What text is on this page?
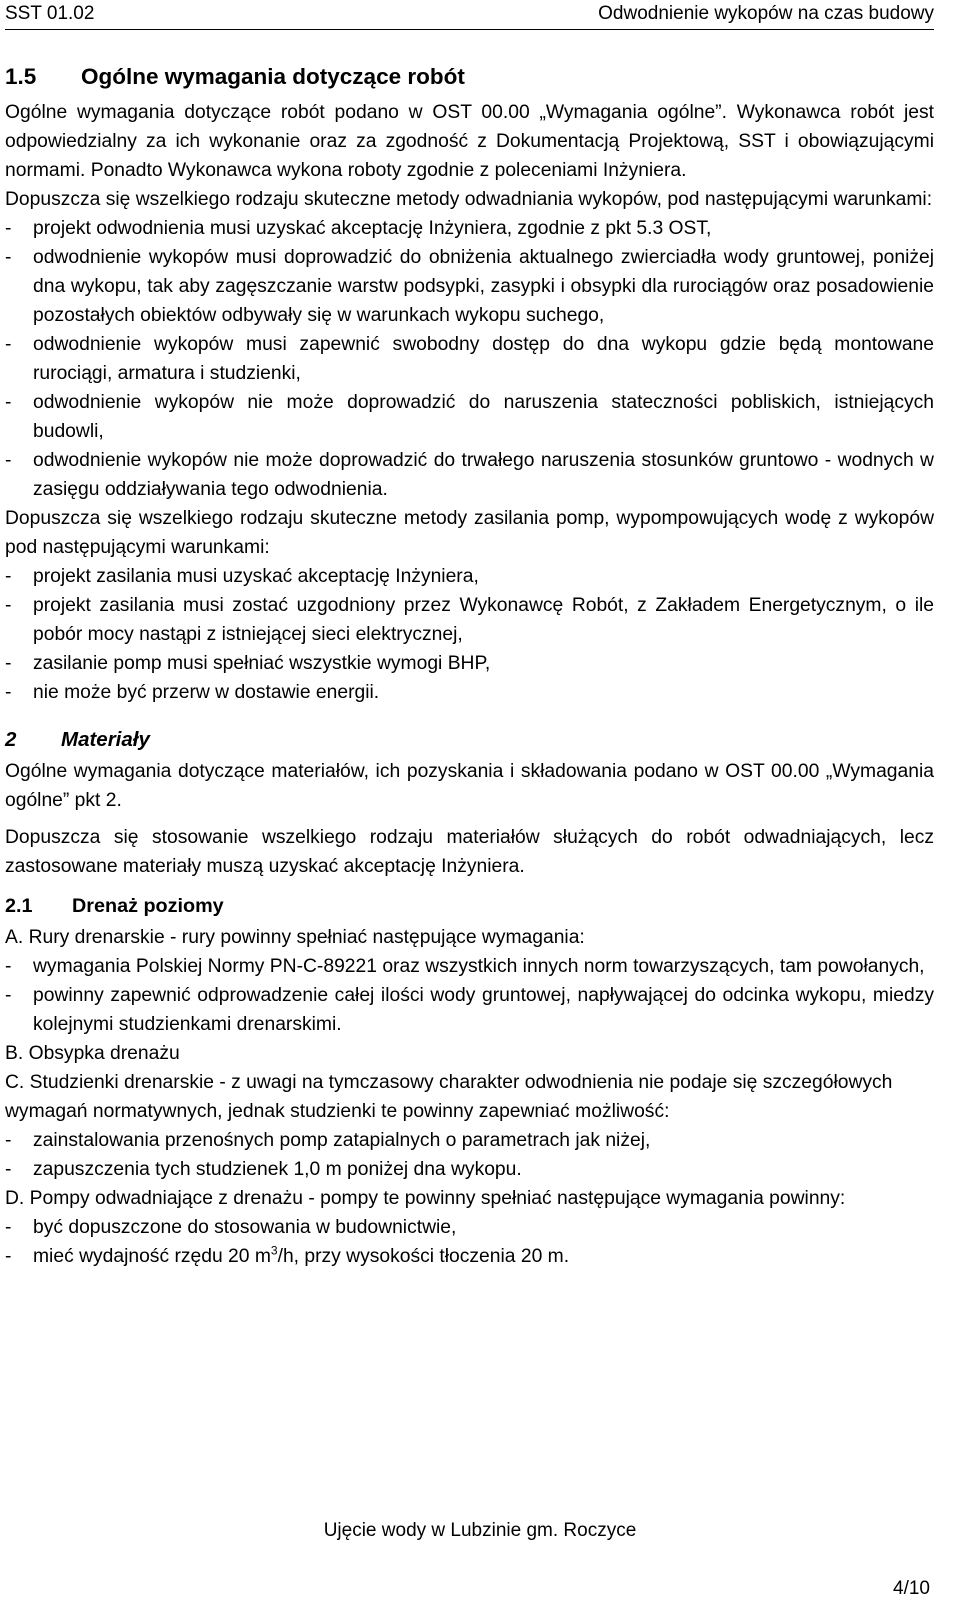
SST 01.02	Odwodnienie wykopów na czas budowy
1.5 Ogólne wymagania dotyczące robót

Ogólne wymagania dotyczące robót podano w OST 00.00 „Wymagania ogólne”. Wykonawca robót jest odpowiedzialny za ich wykonanie oraz za zgodność z Dokumentacją Projektową, SST i obowiązującymi normami. Ponadto Wykonawca wykona roboty zgodnie z poleceniami Inżyniera.

Dopuszcza się wszelkiego rodzaju skuteczne metody odwadniania wykopów, pod następującymi warunkami:

-	projekt odwodnienia musi uzyskać akceptację Inżyniera, zgodnie z pkt 5.3 OST,
-	odwodnienie wykopów musi doprowadzić do obniżenia aktualnego zwierciadła wody gruntowej, poniżej dna wykopu, tak aby zagęszczanie warstw podsypki, zasypki i obsypki dla rurociągów oraz posadowienie pozostałych obiektów odbywały się w warunkach wykopu suchego,
-	odwodnienie wykopów musi zapewnić swobodny dostęp do dna wykopu gdzie będą montowane rurociągi, armatura i studzienki,
-	odwodnienie wykopów nie może doprowadzić do naruszenia stateczności pobliskich, istniejących budowli,
-	odwodnienie wykopów nie może doprowadzić do trwałego naruszenia stosunków gruntowo - wodnych w zasięgu oddziaływania tego odwodnienia.

Dopuszcza się wszelkiego rodzaju skuteczne metody zasilania pomp, wypompowujących wodę z wykopów pod następującymi warunkami:

-	projekt zasilania musi uzyskać akceptację Inżyniera,
-	projekt zasilania musi zostać uzgodniony przez Wykonawcę Robót, z Zakładem Energetycznym, o ile pobór mocy nastąpi z istniejącej sieci elektrycznej,
-	zasilanie pomp musi spełniać wszystkie wymogi BHP,
-	nie może być przerw w dostawie energii.
2 Materiały

Ogólne wymagania dotyczące materiałów, ich pozyskania i składowania podano w OST 00.00 „Wymagania ogólne” pkt 2.

Dopuszcza się stosowanie wszelkiego rodzaju materiałów służących do robót odwadniających, lecz zastosowane materiały muszą uzyskać akceptację Inżyniera.

2.1 Drenaż poziomy

A. Rury drenarskie - rury powinny spełniać następujące wymagania:

-	wymagania Polskiej Normy PN-C-89221 oraz wszystkich innych norm towarzyszących, tam powołanych,
-	powinny zapewnić odprowadzenie całej ilości wody gruntowej, napływającej do odcinka wykopu, miedzy kolejnymi studzienkami drenarskimi.

B. Obsypka drenażu

C. Studzienki drenarskie - z uwagi na tymczasowy charakter odwodnienia nie podaje się szczegółowych wymagań normatywnych, jednak studzienki te powinny zapewniać możliwość:

-	zainstalowania przenośnych pomp zatapialnych o parametrach jak niżej,
-	zapuszczenia tych studzienek 1,0 m poniżej dna wykopu.

D. Pompy odwadniające z drenażu - pompy te powinny spełniać następujące wymagania powinny:

-	być dopuszczone do stosowania w budownictwie,
-	mieć wydajność rzędu 20 $m^3/h$, przy wysokości tłoczenia 20 m.
Ujęcie wody w Lubzinie gm. Roczyce
4/10
